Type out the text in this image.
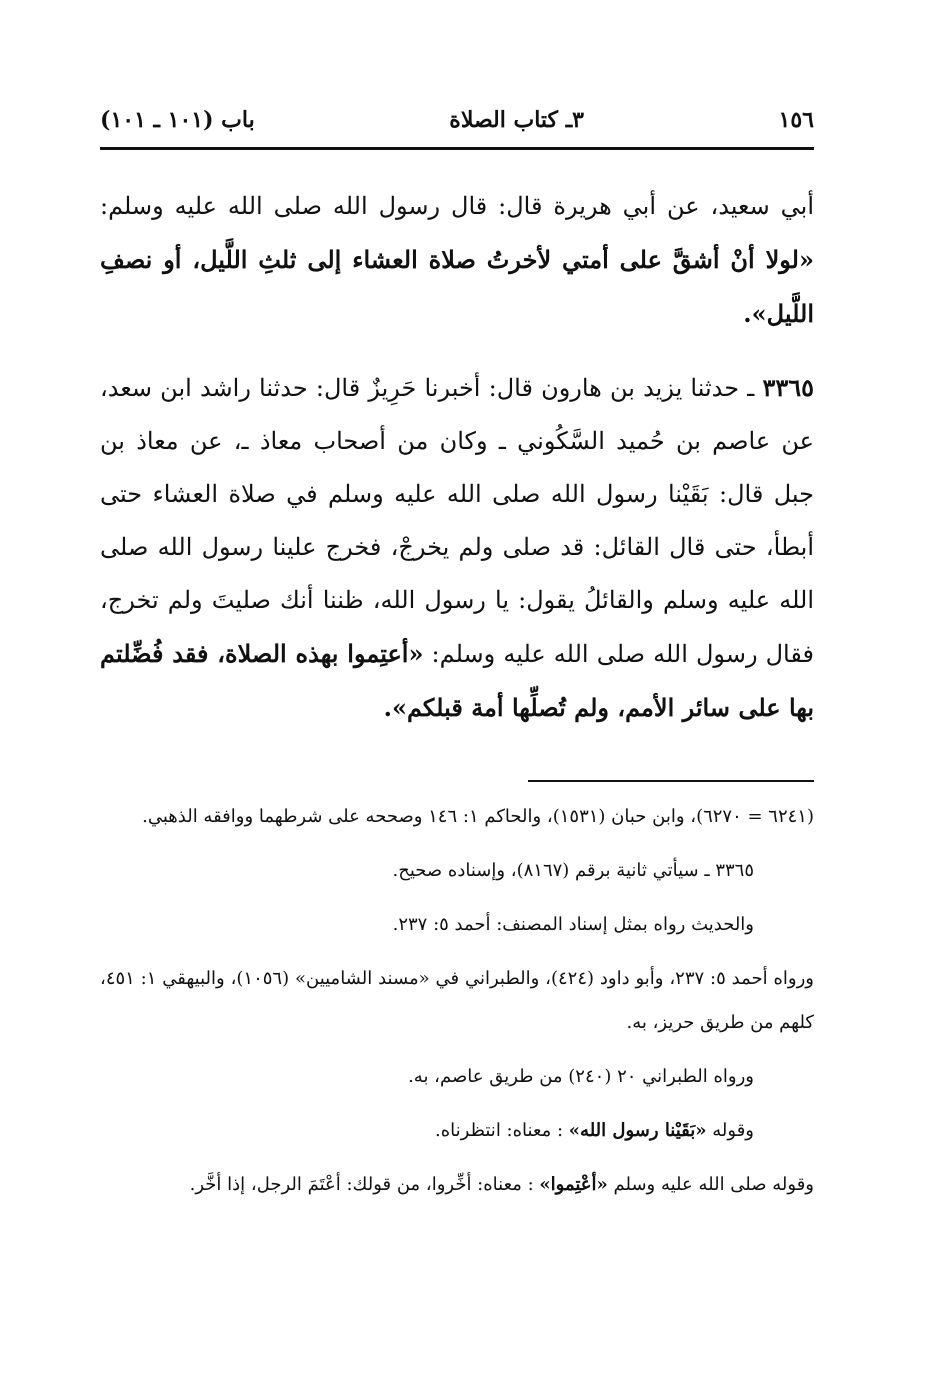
١٥٦
٣ـ كتاب الصلاة
باب (١٠١ ـ ١٠١)

أبي سعيد، عن أبي هريرة قال: قال رسول الله صلى الله عليه وسلم: «لولا أنْ أشقَّ على أمتي لأخرتُ صلاة العشاء إلى ثلثِ اللَّيل، أو نصفِ اللَّيل».

٣٣٦٥ ـ حدثنا يزيد بن هارون قال: أخبرنا حَرِيزٌ قال: حدثنا راشد ابن سعد، عن عاصم بن حُميد السَّكُوني ـ وكان من أصحاب معاذ ـ، عن معاذ بن جبل قال: بَقَيْنا رسول الله صلى الله عليه وسلم في صلاة العشاء حتى أبطأ، حتى قال القائل: قد صلى ولم يخرجْ، فخرج علينا رسول الله صلى الله عليه وسلم والقائلُ يقول: يا رسول الله، ظننا أنك صليتَ ولم تخرج، فقال رسول الله صلى الله عليه وسلم: «أعتِموا بهذه الصلاة، فقد فُضِّلتم بها على سائر الأمم، ولم تُصلِّها أمة قبلكم».

(٦٢٤١ = ٦٢٧٠)، وابن حبان (١٥٣١)، والحاكم ١: ١٤٦ وصححه على شرطهما ووافقه الذهبي.

٣٣٦٥ ـ سيأتي ثانية برقم (٨١٦٧)، وإسناده صحيح.

والحديث رواه بمثل إسناد المصنف: أحمد ٥: ٢٣٧.

ورواه أحمد ٥: ٢٣٧، وأبو داود (٤٢٤)، والطبراني في «مسند الشاميين» (١٠٥٦)، والبيهقي ١: ٤٥١، كلهم من طريق حريز، به.

ورواه الطبراني ٢٠ (٢٤٠) من طريق عاصم، به.

وقوله «بَقَيْنا رسول الله» : معناه: انتظرناه.

وقوله صلى الله عليه وسلم «أعْتِموا» : معناه: أخِّروا، من قولك: أعْتَمَ الرجل، إذا أخَّر.
